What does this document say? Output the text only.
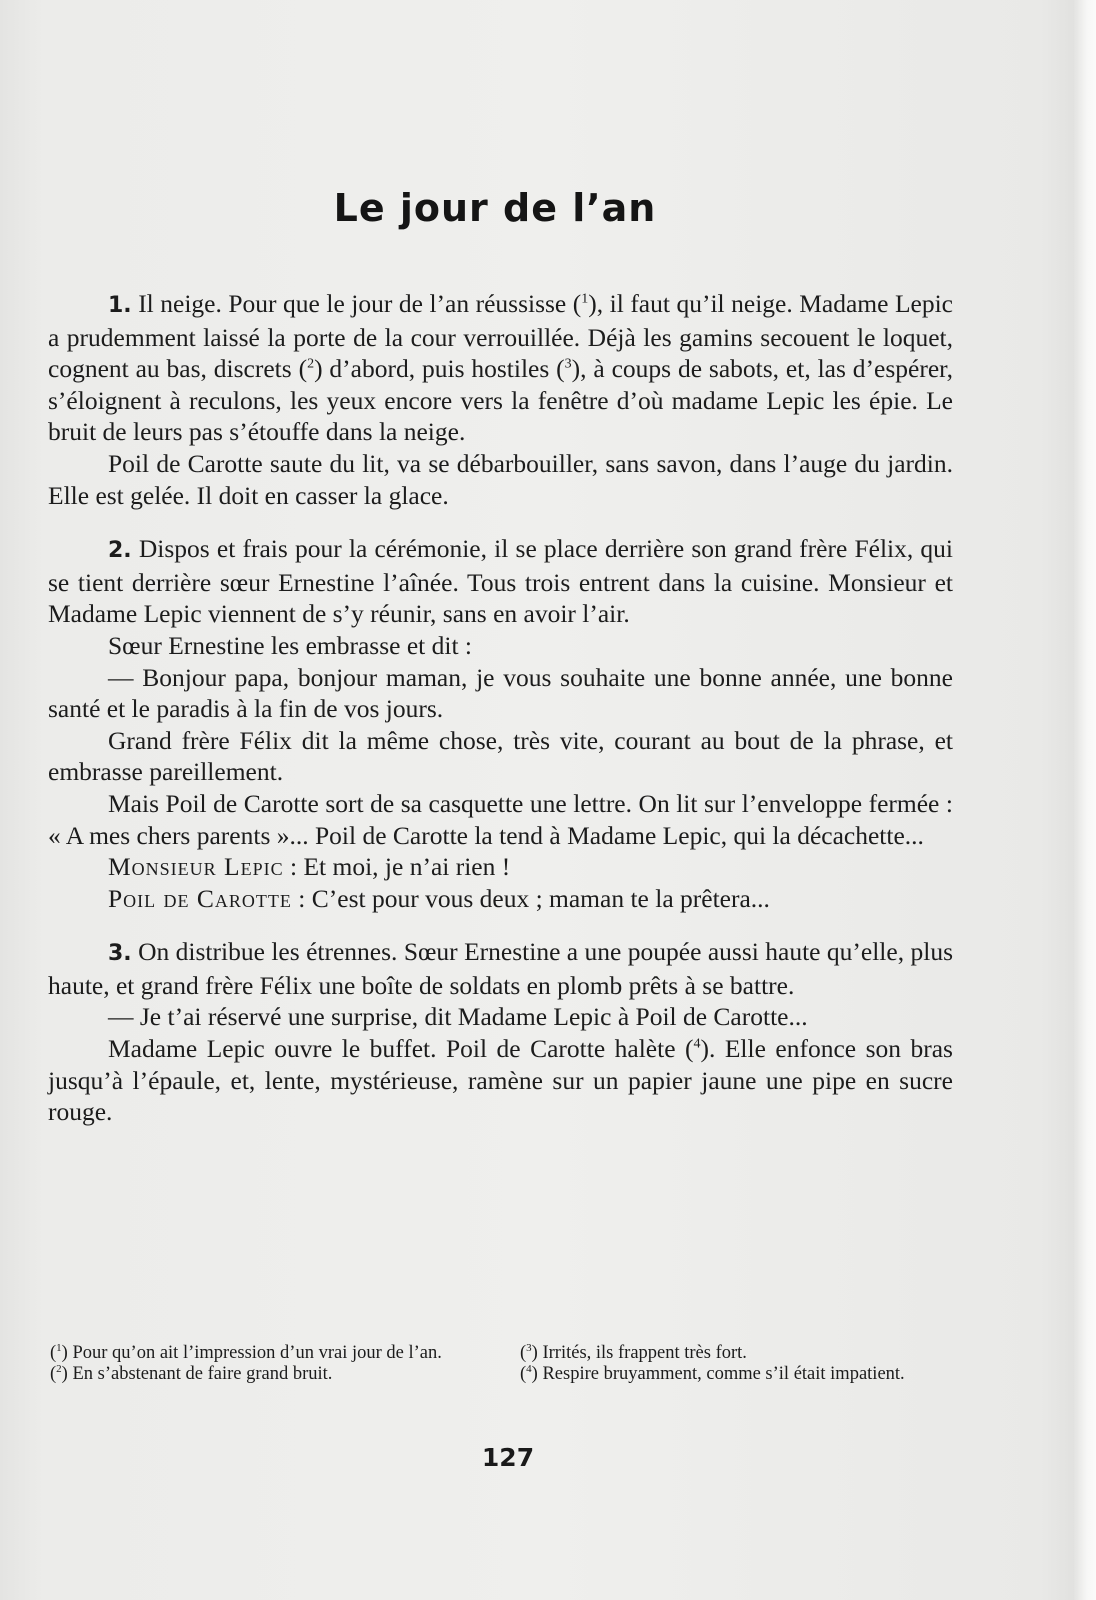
Le jour de l’an

1. Il neige. Pour que le jour de l’an réussisse ($^1$), il faut qu’il neige. Madame Lepic a prudemment laissé la porte de la cour verrouillée. Déjà les gamins secouent le loquet, cognent au bas, discrets ($^2$) d’abord, puis hostiles ($^3$), à coups de sabots, et, las d’espérer, s’éloignent à reculons, les yeux encore vers la fenêtre d’où madame Lepic les épie. Le bruit de leurs pas s’étouffe dans la neige.

Poil de Carotte saute du lit, va se débarbouiller, sans savon, dans l’auge du jardin. Elle est gelée. Il doit en casser la glace.

2. Dispos et frais pour la cérémonie, il se place derrière son grand frère Félix, qui se tient derrière sœur Ernestine l’aînée. Tous trois entrent dans la cuisine. Monsieur et Madame Lepic viennent de s’y réunir, sans en avoir l’air.

Sœur Ernestine les embrasse et dit :

— Bonjour papa, bonjour maman, je vous souhaite une bonne année, une bonne santé et le paradis à la fin de vos jours.

Grand frère Félix dit la même chose, très vite, courant au bout de la phrase, et embrasse pareillement.

Mais Poil de Carotte sort de sa casquette une lettre. On lit sur l’enveloppe fermée : « A mes chers parents »... Poil de Carotte la tend à Madame Lepic, qui la décachette...

Monsieur Lepic : Et moi, je n’ai rien !

Poil de Carotte : C’est pour vous deux ; maman te la prêtera...

3. On distribue les étrennes. Sœur Ernestine a une poupée aussi haute qu’elle, plus haute, et grand frère Félix une boîte de soldats en plomb prêts à se battre.

— Je t’ai réservé une surprise, dit Madame Lepic à Poil de Carotte...

Madame Lepic ouvre le buffet. Poil de Carotte halète ($^4$). Elle enfonce son bras jusqu’à l’épaule, et, lente, mystérieuse, ramène sur un papier jaune une pipe en sucre rouge.

($^1$) Pour qu’on ait l’impression d’un vrai jour de l’an.
($^2$) En s’abstenant de faire grand bruit.
($^3$) Irrités, ils frappent très fort.
($^4$) Respire bruyamment, comme s’il était impatient.
127
